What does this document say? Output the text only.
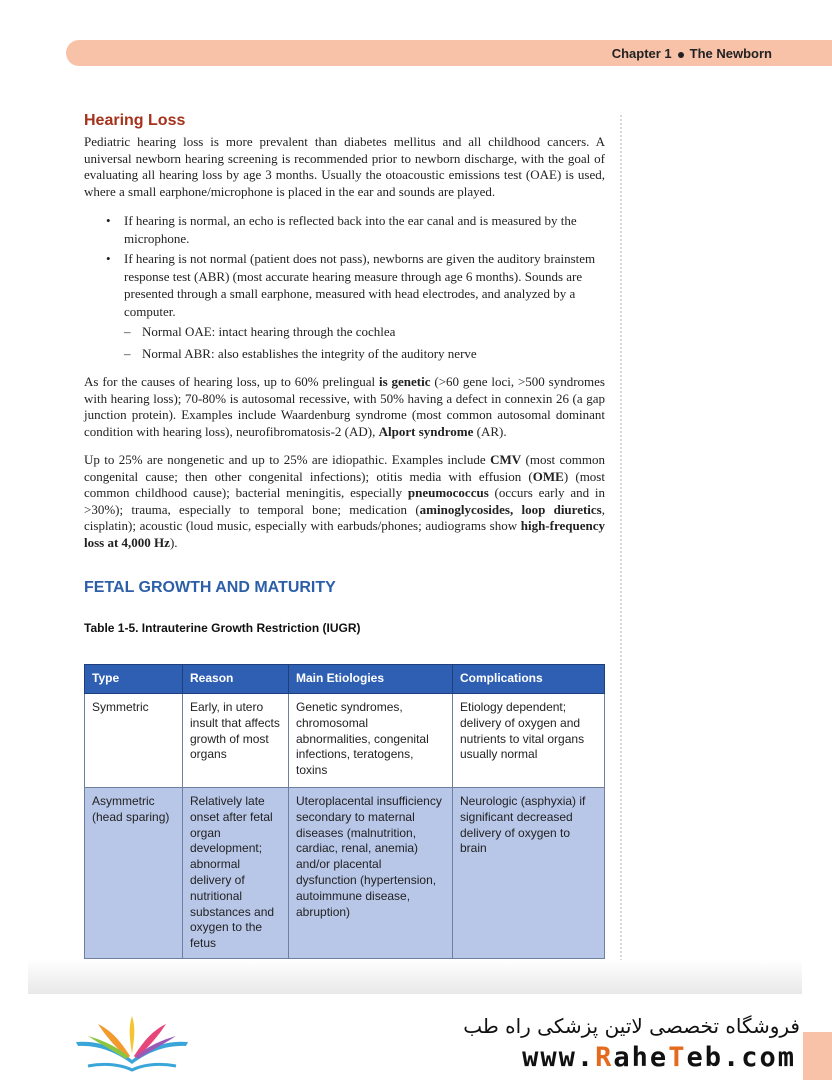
Chapter 1 The Newborn
Hearing Loss

Pediatric hearing loss is more prevalent than diabetes mellitus and all childhood cancers. A universal newborn hearing screening is recommended prior to newborn discharge, with the goal of evaluating all hearing loss by age 3 months. Usually the otoacoustic emissions test (OAE) is used, where a small earphone/microphone is placed in the ear and sounds are played.

• If hearing is normal, an echo is reflected back into the ear canal and is measured by the microphone.
• If hearing is not normal (patient does not pass), newborns are given the auditory brainstem response test (ABR) (most accurate hearing measure through age 6 months). Sounds are presented through a small earphone, measured with head electrodes, and analyzed by a computer.
– Normal OAE: intact hearing through the cochlea
– Normal ABR: also establishes the integrity of the auditory nerve

As for the causes of hearing loss, up to 60% prelingual is genetic (>60 gene loci, >500 syndromes with hearing loss); 70-80% is autosomal recessive, with 50% having a defect in connexin 26 (a gap junction protein). Examples include Waardenburg syndrome (most common autosomal dominant condition with hearing loss), neurofibromatosis-2 (AD), Alport syndrome (AR).

Up to 25% are nongenetic and up to 25% are idiopathic. Examples include CMV (most common congenital cause; then other congenital infections); otitis media with effusion (OME) (most common childhood cause); bacterial meningitis, especially pneumococcus (occurs early and in >30%); trauma, especially to temporal bone; medication (aminoglycosides, loop diuretics, cisplatin); acoustic (loud music, especially with earbuds/phones; audiograms show high-frequency loss at 4,000 Hz).

FETAL GROWTH AND MATURITY
Table 1-5. Intrauterine Growth Restriction (IUGR)
Type	Reason	Main Etiologies	Complications
Symmetric	Early, in utero insult that affects growth of most organs	Genetic syndromes, chromosomal abnormalities, congenital infections, teratogens, toxins	Etiology dependent; delivery of oxygen and nutrients to vital organs usually normal
Asymmetric (head sparing)	Relatively late onset after fetal organ development; abnormal delivery of nutritional substances and oxygen to the fetus	Uteroplacental insufficiency secondary to maternal diseases (malnutrition, cardiac, renal, anemia) and/or placental dysfunction (hypertension, autoimmune disease, abruption)	Neurologic (asphyxia) if significant decreased delivery of oxygen to brain
فروشگاه تخصصی لاتین پزشکی راه طب
www.RaheTeb.com
